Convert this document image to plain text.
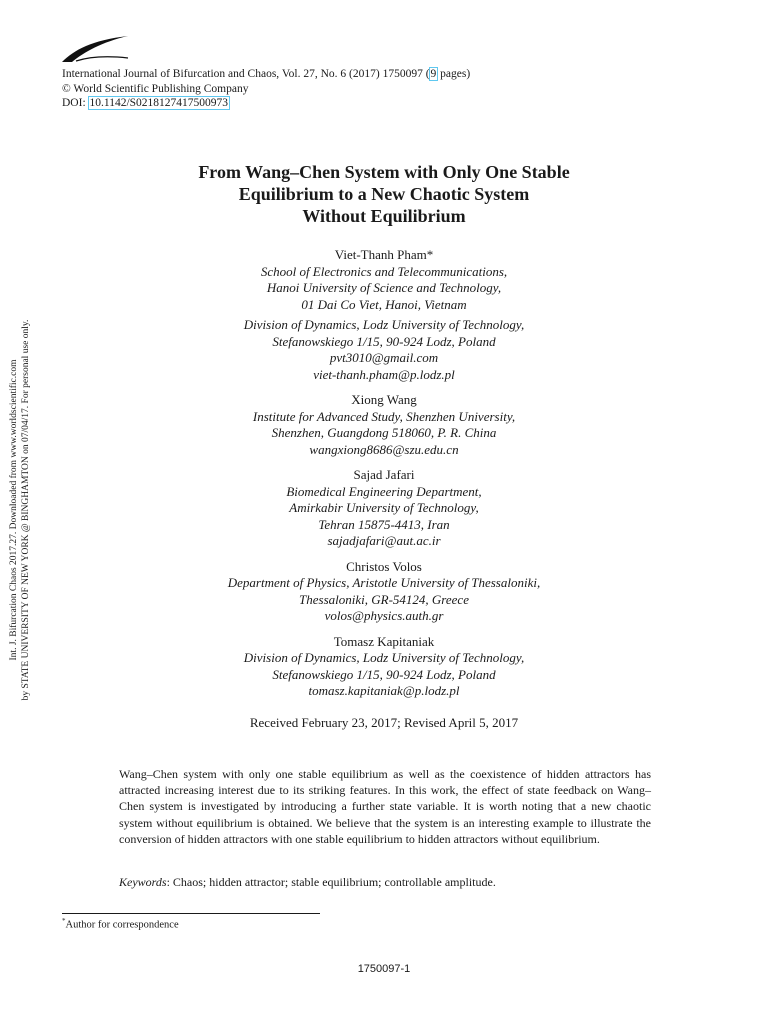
International Journal of Bifurcation and Chaos, Vol. 27, No. 6 (2017) 1750097 (9 pages)
© World Scientific Publishing Company
DOI: 10.1142/S0218127417500973
Int. J. Bifurcation Chaos 2017.27. Downloaded from www.worldscientific.com by STATE UNIVERSITY OF NEW YORK @ BINGHAMTON on 07/04/17. For personal use only.
From Wang–Chen System with Only One Stable
Equilibrium to a New Chaotic System
Without Equilibrium
Viet-Thanh Pham*
School of Electronics and Telecommunications,
Hanoi University of Science and Technology,
01 Dai Co Viet, Hanoi, Vietnam
Division of Dynamics, Lodz University of Technology,
Stefanowskiego 1/15, 90-924 Lodz, Poland
pvt3010@gmail.com
viet-thanh.pham@p.lodz.pl
Xiong Wang
Institute for Advanced Study, Shenzhen University,
Shenzhen, Guangdong 518060, P. R. China
wangxiong8686@szu.edu.cn
Sajad Jafari
Biomedical Engineering Department,
Amirkabir University of Technology,
Tehran 15875-4413, Iran
sajadjafari@aut.ac.ir
Christos Volos
Department of Physics, Aristotle University of Thessaloniki,
Thessaloniki, GR-54124, Greece
volos@physics.auth.gr
Tomasz Kapitaniak
Division of Dynamics, Lodz University of Technology,
Stefanowskiego 1/15, 90-924 Lodz, Poland
tomasz.kapitaniak@p.lodz.pl
Received February 23, 2017; Revised April 5, 2017
Wang–Chen system with only one stable equilibrium as well as the coexistence of hidden attractors has attracted increasing interest due to its striking features. In this work, the effect of state feedback on Wang–Chen system is investigated by introducing a further state variable. It is worth noting that a new chaotic system without equilibrium is obtained. We believe that the system is an interesting example to illustrate the conversion of hidden attractors with one stable equilibrium to hidden attractors without equilibrium.
Keywords: Chaos; hidden attractor; stable equilibrium; controllable amplitude.
*Author for correspondence
1750097-1
